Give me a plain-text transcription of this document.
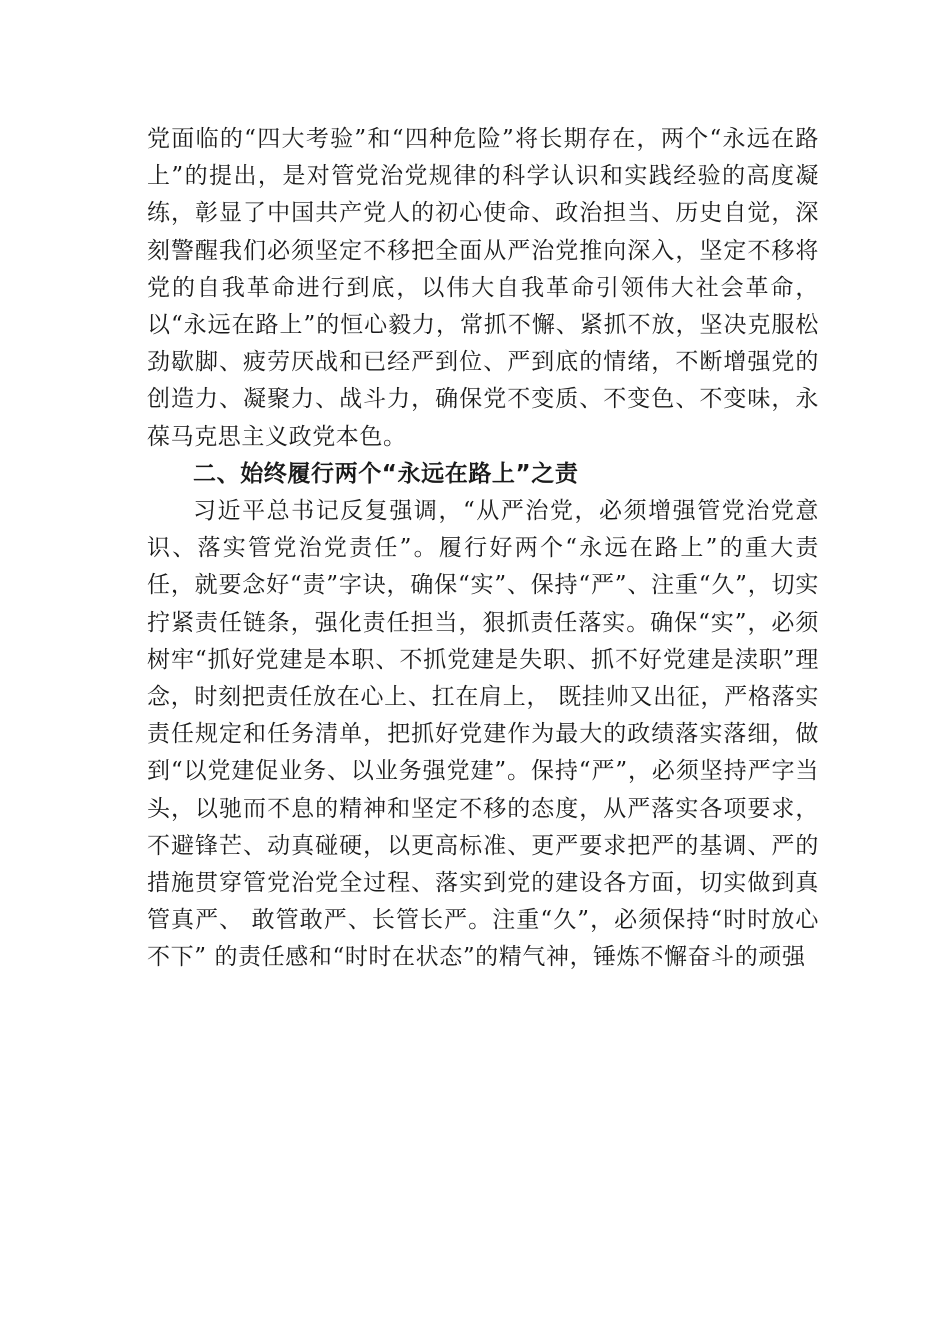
党面临的“四大考验”和“四种危险”将长期存在，两个“永远在路上”的提出，是对管党治党规律的科学认识和实践经验的高度凝练，彰显了中国共产党人的初心使命、政治担当、历史自觉，深刻警醒我们必须坚定不移把全面从严治党推向深入，坚定不移将党的自我革命进行到底，以伟大自我革命引领伟大社会革命，以“永远在路上”的恒心毅力，常抓不懈、紧抓不放，坚决克服松劲歇脚、疲劳厌战和已经严到位、严到底的情绪，不断增强党的创造力、凝聚力、战斗力，确保党不变质、不变色、不变味，永葆马克思主义政党本色。

二、始终履行两个“永远在路上”之责

习近平总书记反复强调，“从严治党，必须增强管党治党意识、落实管党治党责任”。履行好两个“永远在路上”的重大责任，就要念好“责”字诀，确保“实”、保持“严”、注重“久”，切实拧紧责任链条，强化责任担当，狠抓责任落实。确保“实”，必须树牢“抓好党建是本职、不抓党建是失职、抓不好党建是渎职”理念，时刻把责任放在心上、扛在肩上， 既挂帅又出征，严格落实责任规定和任务清单，把抓好党建作为最大的政绩落实落细，做到“以党建促业务、以业务强党建”。保持“严”，必须坚持严字当头，以驰而不息的精神和坚定不移的态度，从严落实各项要求，不避锋芒、动真碰硬，以更高标准、更严要求把严的基调、严的措施贯穿管党治党全过程、落实到党的建设各方面，切实做到真管真严、 敢管敢严、长管长严。注重“久”，必须保持“时时放心不下” 的责任感和“时时在状态”的精气神，锤炼不懈奋斗的顽强
